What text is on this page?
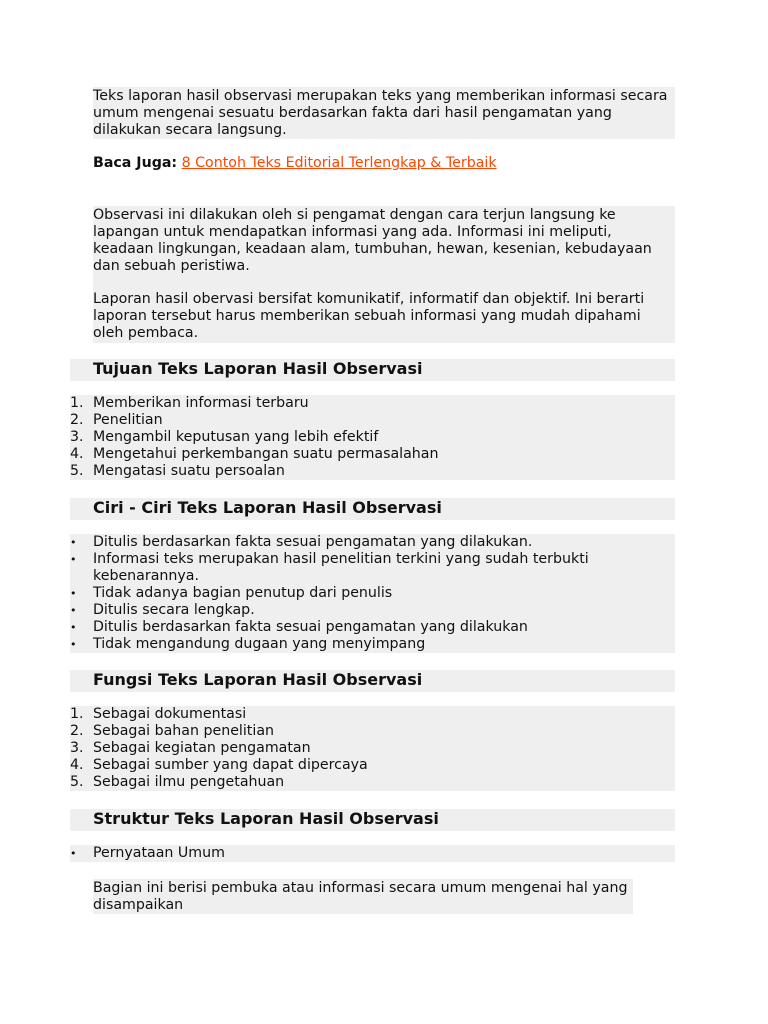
Teks laporan hasil observasi merupakan teks yang memberikan informasi secara umum mengenai sesuatu berdasarkan fakta dari hasil pengamatan yang dilakukan secara langsung.

Baca Juga: 8 Contoh Teks Editorial Terlengkap & Terbaik

Observasi ini dilakukan oleh si pengamat dengan cara terjun langsung ke lapangan untuk mendapatkan informasi yang ada. Informasi ini meliputi, keadaan lingkungan, keadaan alam, tumbuhan, hewan, kesenian, kebudayaan dan sebuah peristiwa.

Laporan hasil obervasi bersifat komunikatif, informatif dan objektif. Ini berarti laporan tersebut harus memberikan sebuah informasi yang mudah dipahami oleh pembaca.

Tujuan Teks Laporan Hasil Observasi
1. Memberikan informasi terbaru
2. Penelitian
3. Mengambil keputusan yang lebih efektif
4. Mengetahui perkembangan suatu permasalahan
5. Mengatasi suatu persoalan
Ciri - Ciri Teks Laporan Hasil Observasi
•	Ditulis berdasarkan fakta sesuai pengamatan yang dilakukan.
•	Informasi teks merupakan hasil penelitian terkini yang sudah terbukti kebenarannya.
•	Tidak adanya bagian penutup dari penulis
•	Ditulis secara lengkap.
•	Ditulis berdasarkan fakta sesuai pengamatan yang dilakukan
•	Tidak mengandung dugaan yang menyimpang
Fungsi Teks Laporan Hasil Observasi
1. Sebagai dokumentasi
2. Sebagai bahan penelitian
3. Sebagai kegiatan pengamatan
4. Sebagai sumber yang dapat dipercaya
5. Sebagai ilmu pengetahuan
Struktur Teks Laporan Hasil Observasi
•	Pernyataan Umum

Bagian ini berisi pembuka atau informasi secara umum mengenai hal yang disampaikan
